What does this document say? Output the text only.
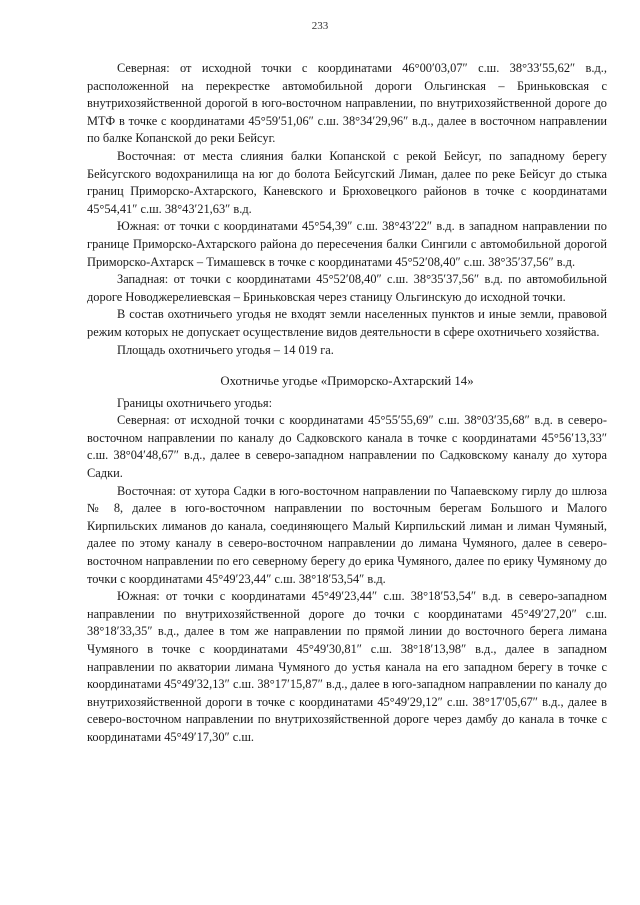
233

Северная: от исходной точки с координатами 46°00′03,07″ с.ш. 38°33′55,62″ в.д., расположенной на перекрестке автомобильной дороги Ольгинская – Бриньковская с внутрихозяйственной дорогой в юго-восточном направлении, по внутрихозяйственной дороге до МТФ в точке с координатами 45°59′51,06″ с.ш. 38°34′29,96″ в.д., далее в восточном направлении по балке Копанской до реки Бейсуг.

Восточная: от места слияния балки Копанской с рекой Бейсуг, по западному берегу Бейсугского водохранилища на юг до болота Бейсугский Лиман, далее по реке Бейсуг до стыка границ Приморско-Ахтарского, Каневского и Брюховецкого районов в точке с координатами 45°54,41″ с.ш. 38°43′21,63″ в.д.

Южная: от точки с координатами 45°54,39″ с.ш. 38°43′22″ в.д. в западном направлении по границе Приморско-Ахтарского района до пересечения балки Сингили с автомобильной дорогой Приморско-Ахтарск – Тимашевск в точке с координатами 45°52′08,40″ с.ш. 38°35′37,56″ в.д.

Западная: от точки с координатами 45°52′08,40″ с.ш. 38°35′37,56″ в.д. по автомобильной дороге Новоджерелиевская – Бриньковская через станицу Ольгинскую до исходной точки.

В состав охотничьего угодья не входят земли населенных пунктов и иные земли, правовой режим которых не допускает осуществление видов деятельности в сфере охотничьего хозяйства.

Площадь охотничьего угодья – 14 019 га.

Охотничье угодье «Приморско-Ахтарский 14»

Границы охотничьего угодья:

Северная: от исходной точки с координатами 45°55′55,69″ с.ш. 38°03′35,68″ в.д. в северо-восточном направлении по каналу до Садковского канала в точке с координатами 45°56′13,33″ с.ш. 38°04′48,67″ в.д., далее в северо-западном направлении по Садковскому каналу до хутора Садки.

Восточная: от хутора Садки в юго-восточном направлении по Чапаевскому гирлу до шлюза № 8, далее в юго-восточном направлении по восточным берегам Большого и Малого Кирпильских лиманов до канала, соединяющего Малый Кирпильский лиман и лиман Чумяный, далее по этому каналу в северо-восточном направлении до лимана Чумяного, далее в северо-восточном направлении по его северному берегу до ерика Чумяного, далее по ерику Чумяному до точки с координатами 45°49′23,44″ с.ш. 38°18′53,54″ в.д.

Южная: от точки с координатами 45°49′23,44″ с.ш. 38°18′53,54″ в.д. в северо-западном направлении по внутрихозяйственной дороге до точки с координатами 45°49′27,20″ с.ш. 38°18′33,35″ в.д., далее в том же направлении по прямой линии до восточного берега лимана Чумяного в точке с координатами 45°49′30,81″ с.ш. 38°18′13,98″ в.д., далее в западном направлении по акватории лимана Чумяного до устья канала на его западном берегу в точке с координатами 45°49′32,13″ с.ш. 38°17′15,87″ в.д., далее в юго-западном направлении по каналу до внутрихозяйственной дороги в точке с координатами 45°49′29,12″ с.ш. 38°17′05,67″ в.д., далее в северо-восточном направлении по внутрихозяйственной дороге через дамбу до канала в точке с координатами 45°49′17,30″ с.ш.
